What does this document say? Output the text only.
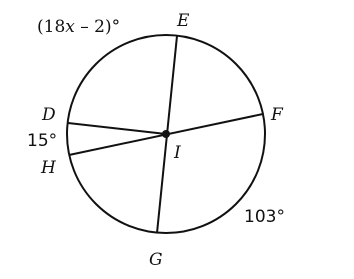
(18x – 2)°	E
D	F
H
I
G
15°
103°
